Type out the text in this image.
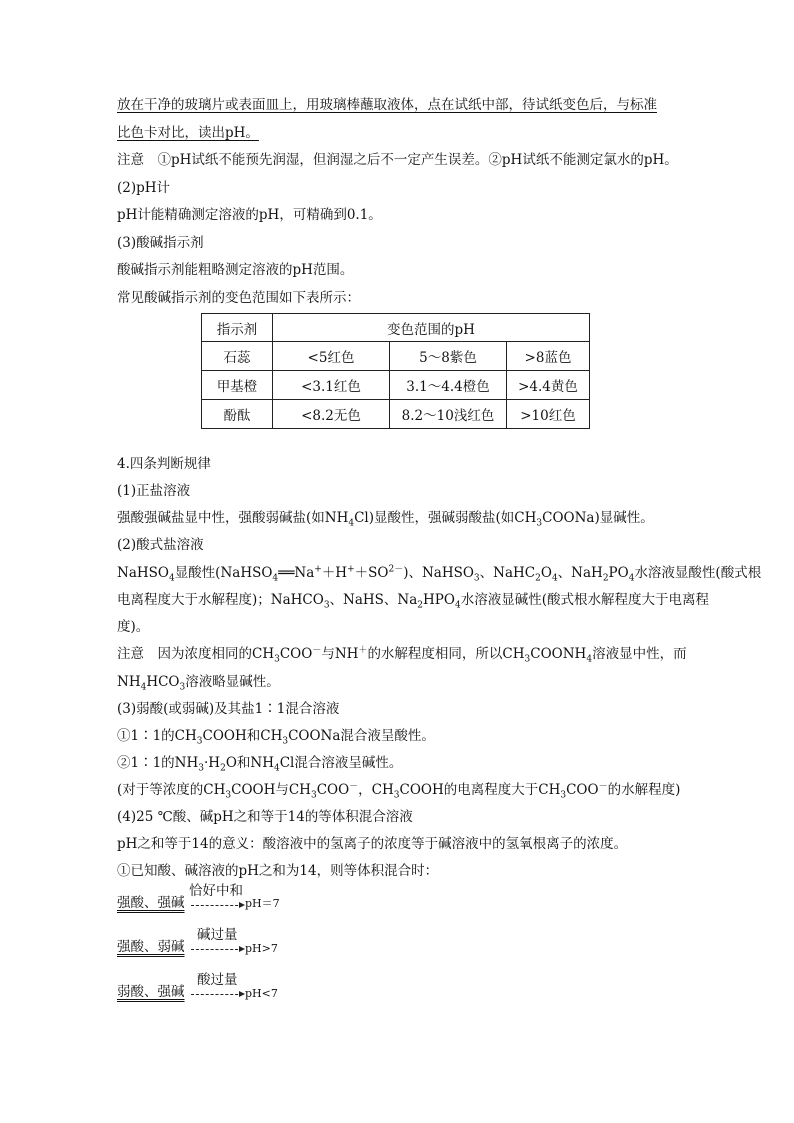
放在干净的玻璃片或表面皿上，用玻璃棒蘸取液体，点在试纸中部，待试纸变色后，与标准
比色卡对比，读出pH。
注意　①pH试纸不能预先润湿，但润湿之后不一定产生误差。②pH试纸不能测定氯水的pH。
(2)pH计
pH计能精确测定溶液的pH，可精确到0.1。
(3)酸碱指示剂
酸碱指示剂能粗略测定溶液的pH范围。
常见酸碱指示剂的变色范围如下表所示：
指示剂	变色范围的pH		
石蕊	<5红色	5～8紫色	>8蓝色
甲基橙	<3.1红色	3.1～4.4橙色	>4.4黄色
酚酞	<8.2无色	8.2～10浅红色	>10红色
4.四条判断规律
(1)正盐溶液
强酸强碱盐显中性，强酸弱碱盐(如$NH_4Cl$)显酸性，强碱弱酸盐(如$CH_3COONa$)显碱性。
(2)酸式盐溶液
NaHSO$_4$显酸性$(NaHSO_4══Na^++H^++SO^{2-})$、NaHSO$_3$、$NaHC_2O_4$、$NaH_2PO_4$水溶液显酸性(酸式根
电离程度大于水解程度)；NaHCO$_3$、NaHS、$Na_2HPO_4$水溶液显碱性(酸式根水解程度大于电离程
度)。
注意　因为浓度相同的$CH_3COO^-$与NH＋的水解程度相同，所以$CH_3COONH_4$溶液显中性，而
$NH_4HCO_3$溶液略显碱性。
(3)弱酸(或弱碱)及其盐1∶1混合溶液
①1∶1的$CH_3COOH$和$CH_3COONa$混合液呈酸性。
②1∶1的$NH_3\cdot H_2O$和$NH_4Cl$混合溶液呈碱性。
(对于等浓度的$CH_3COOH$与$CH_3COO^-$，$CH_3COOH$的电离程度大于$CH_3COO^-$的水解程度)
(4)25 ℃酸、碱pH之和等于14的等体积混合溶液
pH之和等于14的意义：酸溶液中的氢离子的浓度等于碱溶液中的氢氧根离子的浓度。
①已知酸、碱溶液的pH之和为14，则等体积混合时：
强酸、强碱
恰好中和
pH＝7
强酸、弱碱
碱过量
pH>7
弱酸、强碱
酸过量
pH<7
